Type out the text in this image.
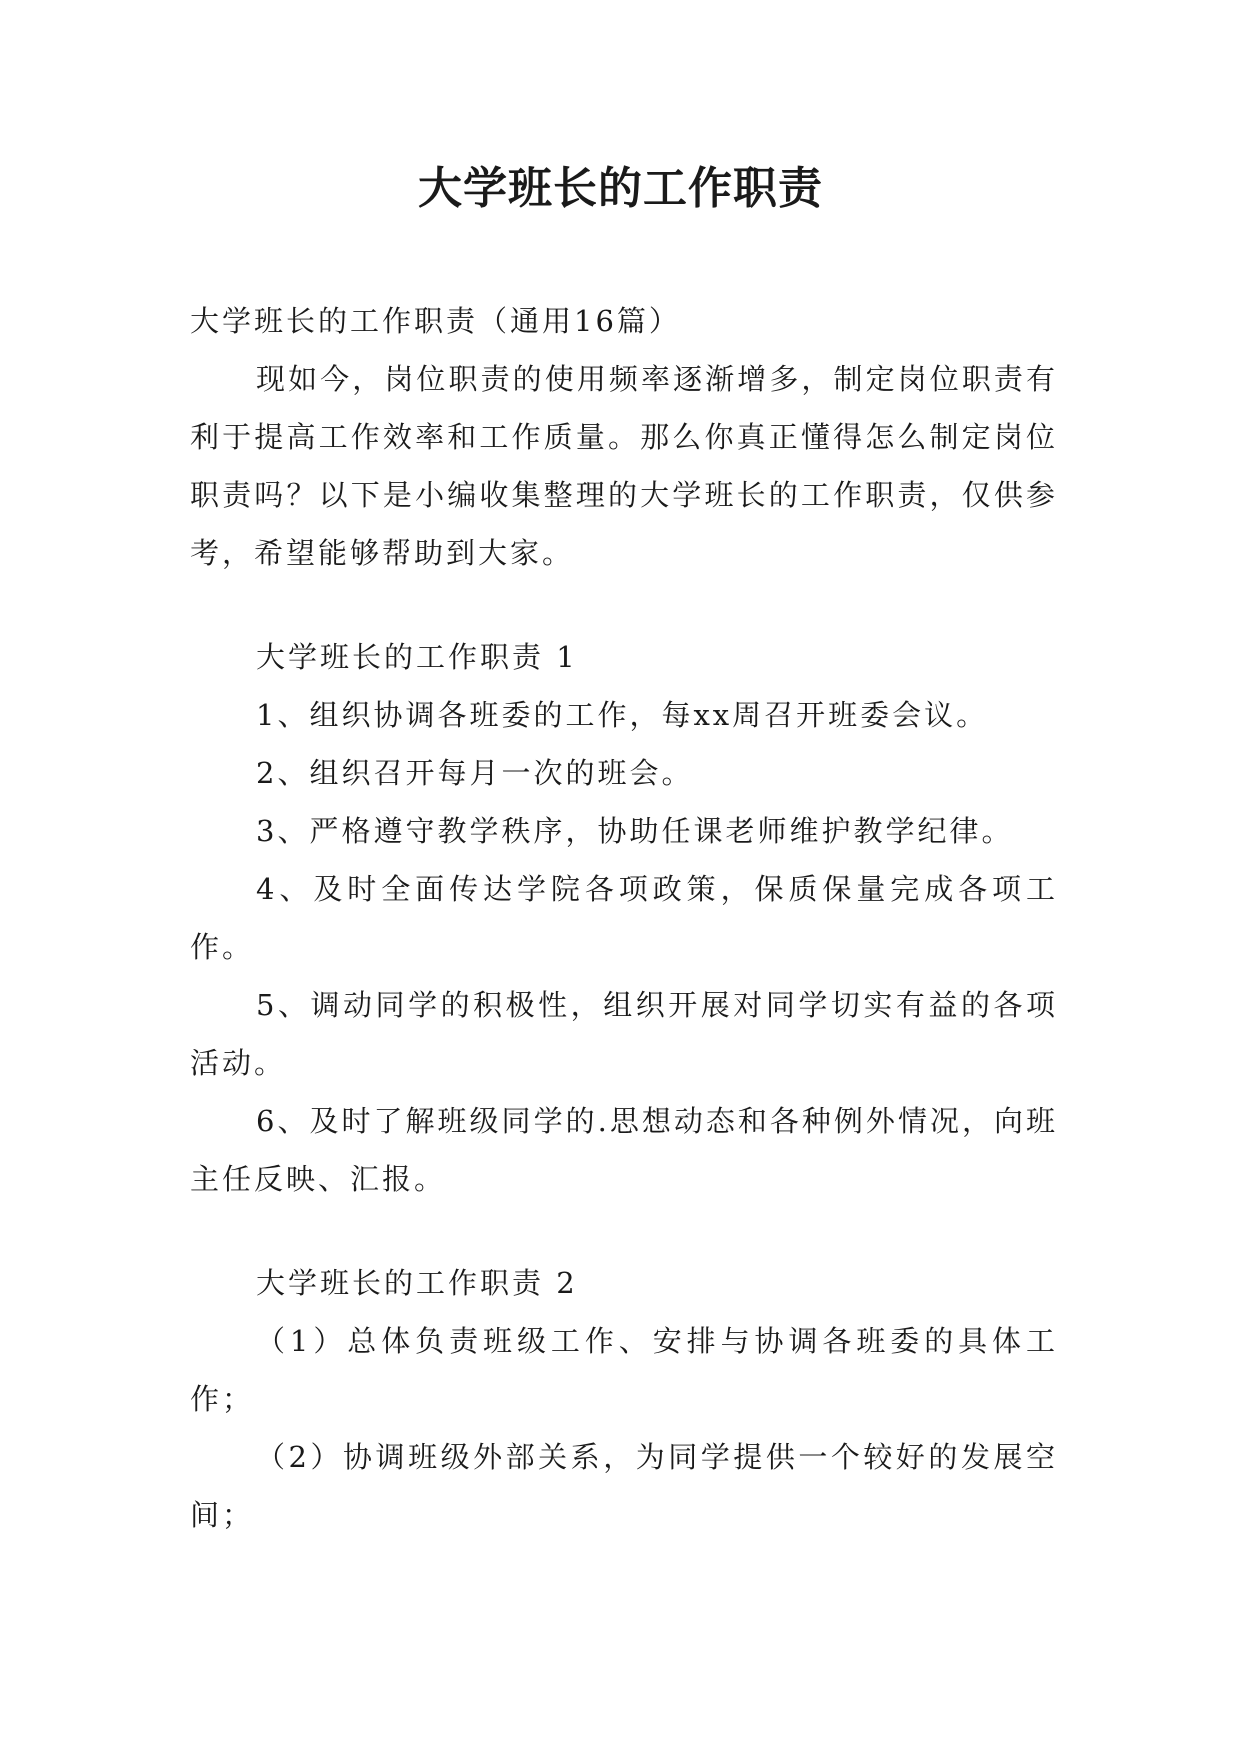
大学班长的工作职责

大学班长的工作职责（通用16篇）

现如今，岗位职责的使用频率逐渐增多，制定岗位职责有利于提高工作效率和工作质量。那么你真正懂得怎么制定岗位职责吗？以下是小编收集整理的大学班长的工作职责，仅供参考，希望能够帮助到大家。

大学班长的工作职责 1

1、组织协调各班委的工作，每xx周召开班委会议。

2、组织召开每月一次的班会。

3、严格遵守教学秩序，协助任课老师维护教学纪律。

4、及时全面传达学院各项政策，保质保量完成各项工作。

5、调动同学的积极性，组织开展对同学切实有益的各项活动。

6、及时了解班级同学的.思想动态和各种例外情况，向班主任反映、汇报。

大学班长的工作职责 2

（1）总体负责班级工作、安排与协调各班委的具体工作；

（2）协调班级外部关系，为同学提供一个较好的发展空间；
